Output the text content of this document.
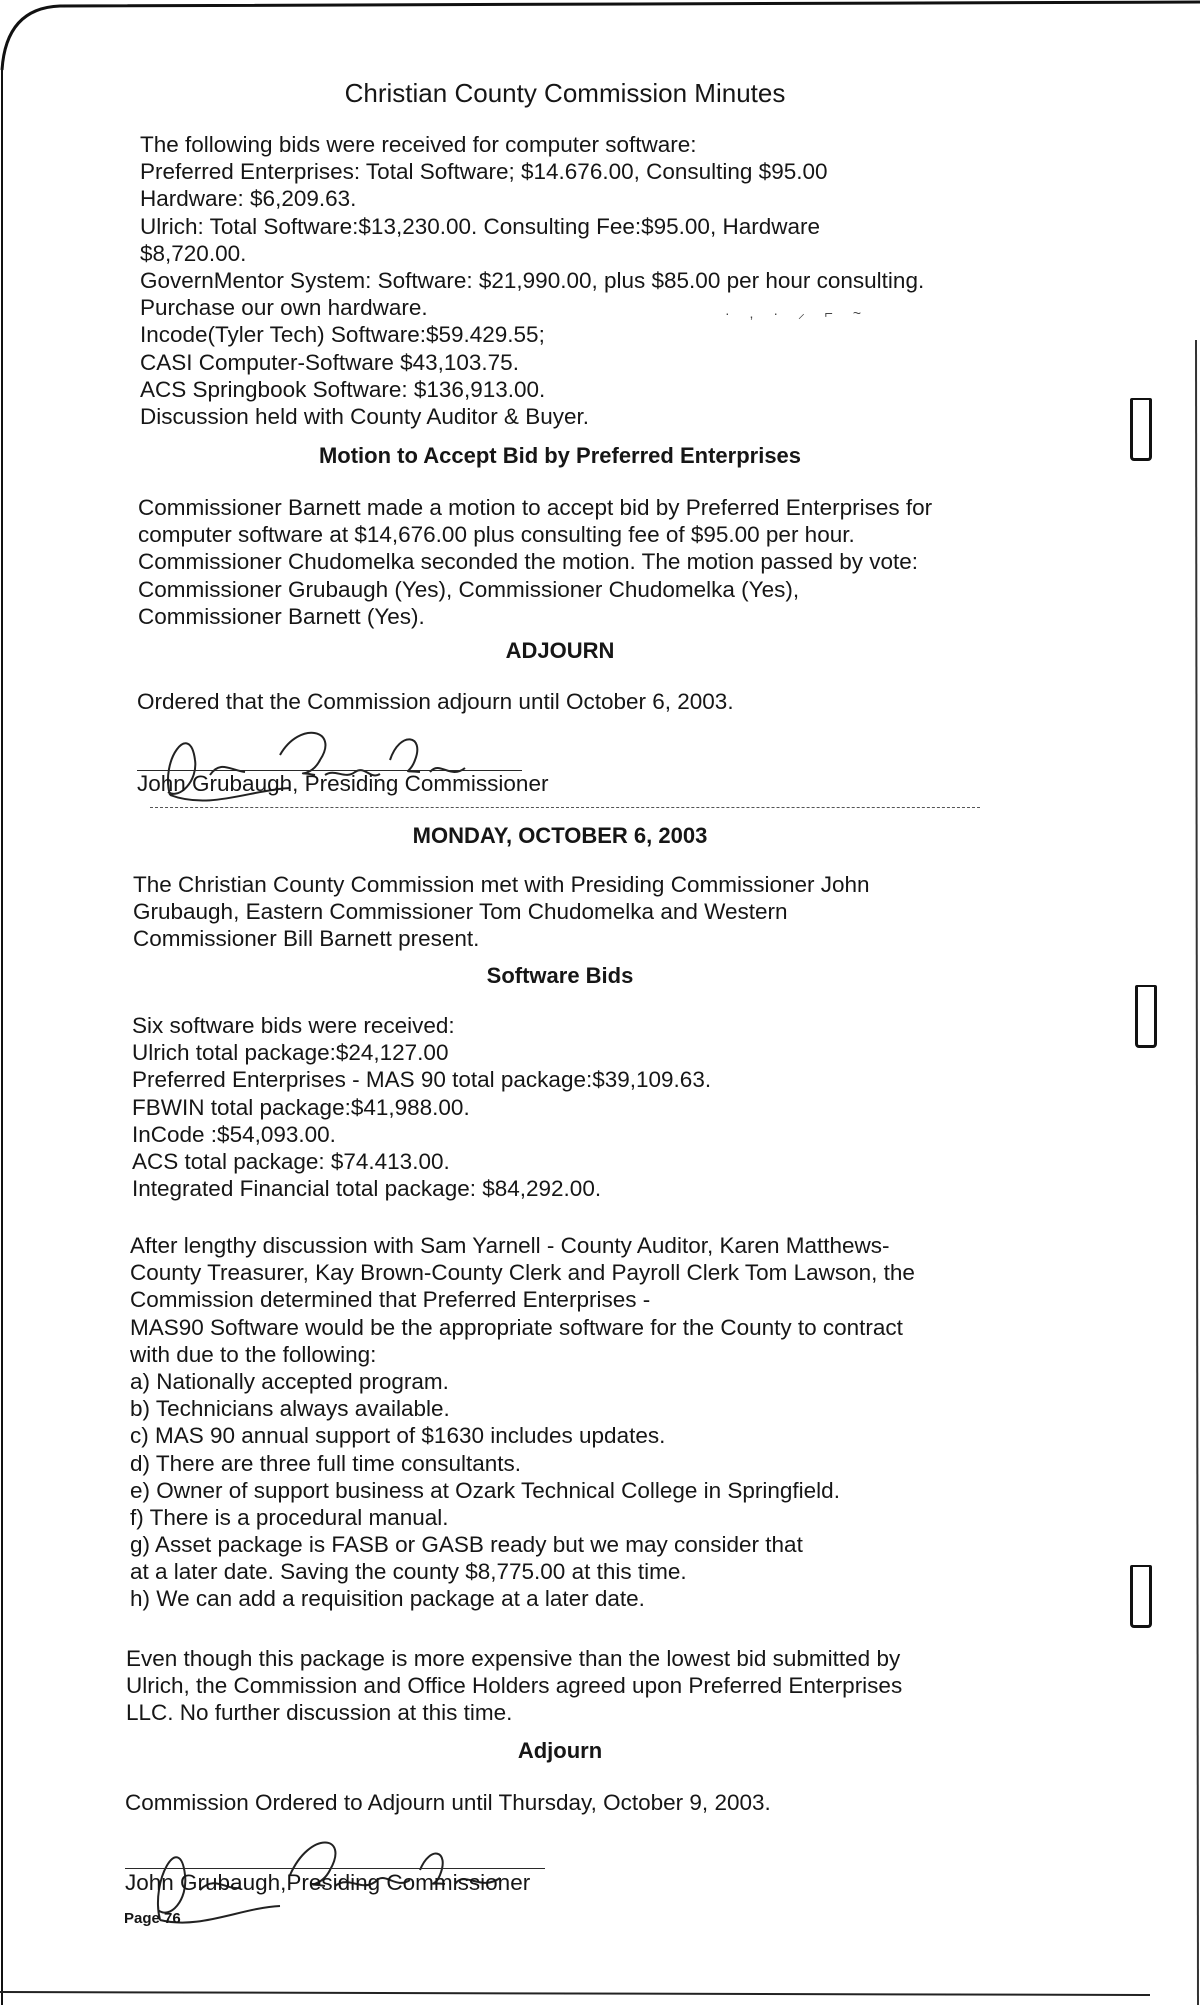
Christian County Commission Minutes
The following bids were received for computer software:
Preferred Enterprises: Total Software; $14.676.00, Consulting $95.00
Hardware: $6,209.63.
Ulrich: Total Software:$13,230.00. Consulting Fee:$95.00, Hardware
$8,720.00.
GovernMentor System: Software: $21,990.00, plus $85.00 per hour consulting.
Purchase our own hardware.
Incode(Tyler Tech) Software:$59.429.55;
CASI Computer-Software $43,103.75.
ACS Springbook Software: $136,913.00.
Discussion held with County Auditor & Buyer.
· , · ⸝ ⌐ ~
Motion to Accept Bid by Preferred Enterprises
Commissioner Barnett made a motion to accept bid by Preferred Enterprises for
computer software at $14,676.00 plus consulting fee of $95.00 per hour.
Commissioner Chudomelka seconded the motion. The motion passed by vote:
Commissioner Grubaugh (Yes), Commissioner Chudomelka (Yes),
Commissioner Barnett (Yes).
ADJOURN
Ordered that the Commission adjourn until October 6, 2003.
John Grubaugh, Presiding Commissioner
MONDAY, OCTOBER 6, 2003
The Christian County Commission met with Presiding Commissioner John
Grubaugh, Eastern Commissioner Tom Chudomelka and Western
Commissioner Bill Barnett present.
Software Bids
Six software bids were received:
Ulrich total package:$24,127.00
Preferred Enterprises - MAS 90 total package:$39,109.63.
FBWIN total package:$41,988.00.
InCode :$54,093.00.
ACS total package: $74.413.00.
Integrated Financial total package: $84,292.00.
After lengthy discussion with Sam Yarnell - County Auditor, Karen Matthews-
County Treasurer, Kay Brown-County Clerk and Payroll Clerk Tom Lawson, the
Commission determined that Preferred Enterprises -
MAS90 Software would be the appropriate software for the County to contract
with due to the following:
a) Nationally accepted program.
b) Technicians always available.
c) MAS 90 annual support of $1630 includes updates.
d) There are three full time consultants.
e) Owner of support business at Ozark Technical College in Springfield.
f) There is a procedural manual.
g) Asset package is FASB or GASB ready but we may consider that
at a later date. Saving the county $8,775.00 at this time.
h) We can add a requisition package at a later date.
Even though this package is more expensive than the lowest bid submitted by
Ulrich, the Commission and Office Holders agreed upon Preferred Enterprises
LLC. No further discussion at this time.
Adjourn
Commission Ordered to Adjourn until Thursday, October 9, 2003.
John Grubaugh,Presiding Commissioner
Page 76
